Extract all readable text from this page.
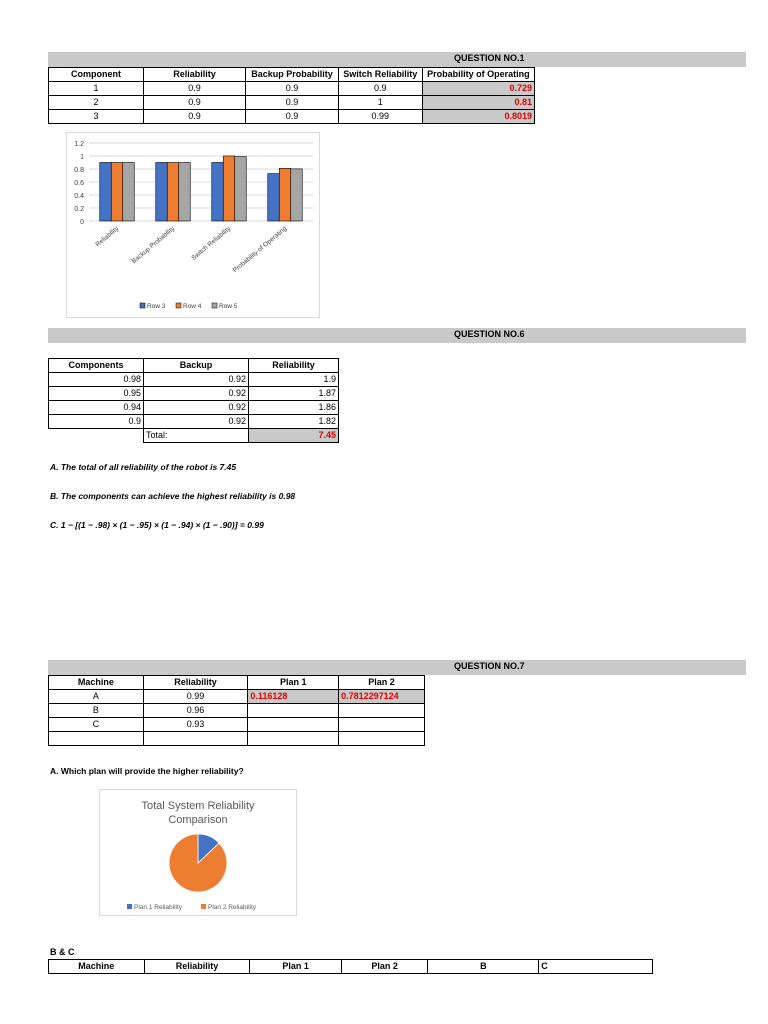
QUESTION NO.1
Component	Reliability	Backup Probability	Switch Reliability	Probability of Operating
1	0.9	0.9	0.9	0.729
2	0.9	0.9	1	0.81
3	0.9	0.9	0.99	0.8019
0
0.2
0.4
0.6
0.8
1
1.2
Reliability Backup Probability Switch Reliability Probability of Operating
Row 3	Row 4	Row 5
QUESTION NO.6
Components	Backup	Reliability
0.98	0.92	1.9
0.95	0.92	1.87
0.94	0.92	1.86
0.9	0.92	1.82
	Total:	7.45
A. The total of all reliability of the robot is 7.45
B. The components can achieve the highest reliability is 0.98
C. 1 − [(1 − .98) × (1 − .95) × (1 − .94) × (1 − .90)] = 0.99
QUESTION NO.7
Machine	Reliability	Plan 1	Plan 2
A	0.99	0.116128	0.7812297124
B	0.96		
C	0.93		

A. Which plan will provide the higher reliability?
Total System Reliability
Comparison
Plan 1 Reliability	Plan 2 Reliability
B & C
Machine	Reliability	Plan 1	Plan 2	B	C
